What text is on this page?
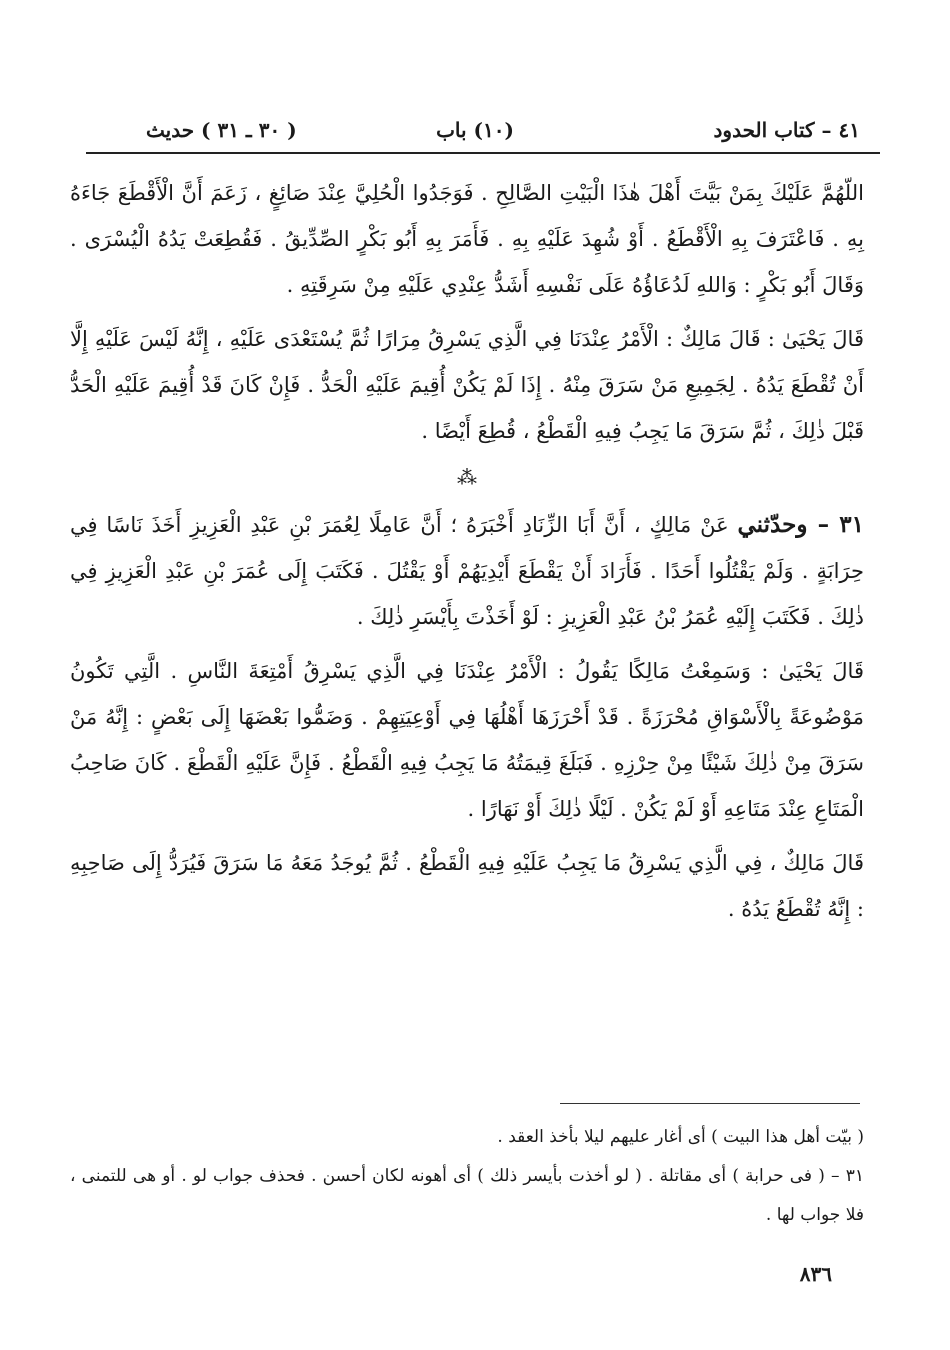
٤١ – كتاب الحدود
(١٠) باب
( ٣٠ ـ ٣١ ) حديث

اللّهُمَّ عَلَيْكَ بِمَنْ بَيَّتَ أَهْلَ هٰذَا الْبَيْتِ الصَّالِحِ . فَوَجَدُوا الْحُلِيَّ عِنْدَ صَائِغٍ ، زَعَمَ أَنَّ الْأَقْطَعَ جَاءَهُ بِهِ . فَاعْتَرَفَ بِهِ الْأَقْطَعُ . أَوْ شُهِدَ عَلَيْهِ بِهِ . فَأَمَرَ بِهِ أَبُو بَكْرٍ الصِّدِّيقُ . فَقُطِعَتْ يَدُهُ الْيُسْرَى . وَقَالَ أَبُو بَكْرٍ : وَاللهِ لَدُعَاؤُهُ عَلَى نَفْسِهِ أَشَدُّ عِنْدِي عَلَيْهِ مِنْ سَرِقَتِهِ .

قَالَ يَحْيَىٰ : قَالَ مَالِكٌ : الْأَمْرُ عِنْدَنَا فِي الَّذِي يَسْرِقُ مِرَارًا ثُمَّ يُسْتَعْدَى عَلَيْهِ ، إِنَّهُ لَيْسَ عَلَيْهِ إِلَّا أَنْ تُقْطَعَ يَدُهُ . لِجَمِيعِ مَنْ سَرَقَ مِنْهُ . إِذَا لَمْ يَكُنْ أُقِيمَ عَلَيْهِ الْحَدُّ . فَإِنْ كَانَ قَدْ أُقِيمَ عَلَيْهِ الْحَدُّ قَبْلَ ذٰلِكَ ، ثُمَّ سَرَقَ مَا يَجِبُ فِيهِ الْقَطْعُ ، قُطِعَ أَيْضًا .

⁂

٣١ – وحدّثني عَنْ مَالِكٍ ، أَنَّ أَبَا الزِّنَادِ أَخْبَرَهُ ؛ أَنَّ عَامِلًا لِعُمَرَ بْنِ عَبْدِ الْعَزِيزِ أَخَذَ نَاسًا فِي حِرَابَةٍ . وَلَمْ يَقْتُلُوا أَحَدًا . فَأَرَادَ أَنْ يَقْطَعَ أَيْدِيَهُمْ أَوْ يَقْتُلَ . فَكَتَبَ إِلَى عُمَرَ بْنِ عَبْدِ الْعَزِيزِ فِي ذٰلِكَ . فَكَتَبَ إِلَيْهِ عُمَرُ بْنُ عَبْدِ الْعَزِيزِ : لَوْ أَخَذْتَ بِأَيْسَرِ ذٰلِكَ .

قَالَ يَحْيَىٰ : وَسَمِعْتُ مَالِكًا يَقُولُ : الْأَمْرُ عِنْدَنَا فِي الَّذِي يَسْرِقُ أَمْتِعَةَ النَّاسِ . الَّتِي تَكُونُ مَوْضُوعَةً بِالْأَسْوَاقِ مُحْرَزَةً . قَدْ أَحْرَزَهَا أَهْلُهَا فِي أَوْعِيَتِهِمْ . وَضَمُّوا بَعْضَهَا إِلَى بَعْضٍ : إِنَّهُ مَنْ سَرَقَ مِنْ ذٰلِكَ شَيْئًا مِنْ حِرْزِهِ . فَبَلَغَ قِيمَتُهُ مَا يَجِبُ فِيهِ الْقَطْعُ . فَإِنَّ عَلَيْهِ الْقَطْعَ . كَانَ صَاحِبُ الْمَتَاعِ عِنْدَ مَتَاعِهِ أَوْ لَمْ يَكُنْ . لَيْلًا ذٰلِكَ أَوْ نَهَارًا .

قَالَ مَالِكٌ ، فِي الَّذِي يَسْرِقُ مَا يَجِبُ عَلَيْهِ فِيهِ الْقَطْعُ . ثُمَّ يُوجَدُ مَعَهُ مَا سَرَقَ فَيُرَدُّ إِلَى صَاحِبِهِ : إِنَّهُ تُقْطَعُ يَدُهُ .

( بيّت أهل هذا البيت ) أى أغار عليهم ليلا بأخذ العقد .

٣١ – ( فى حرابة ) أى مقاتلة . ( لو أخذت بأيسر ذلك ) أى أهونه لكان أحسن . فحذف جواب لو . أو هى للتمنى ، فلا جواب لها .

٨٣٦
